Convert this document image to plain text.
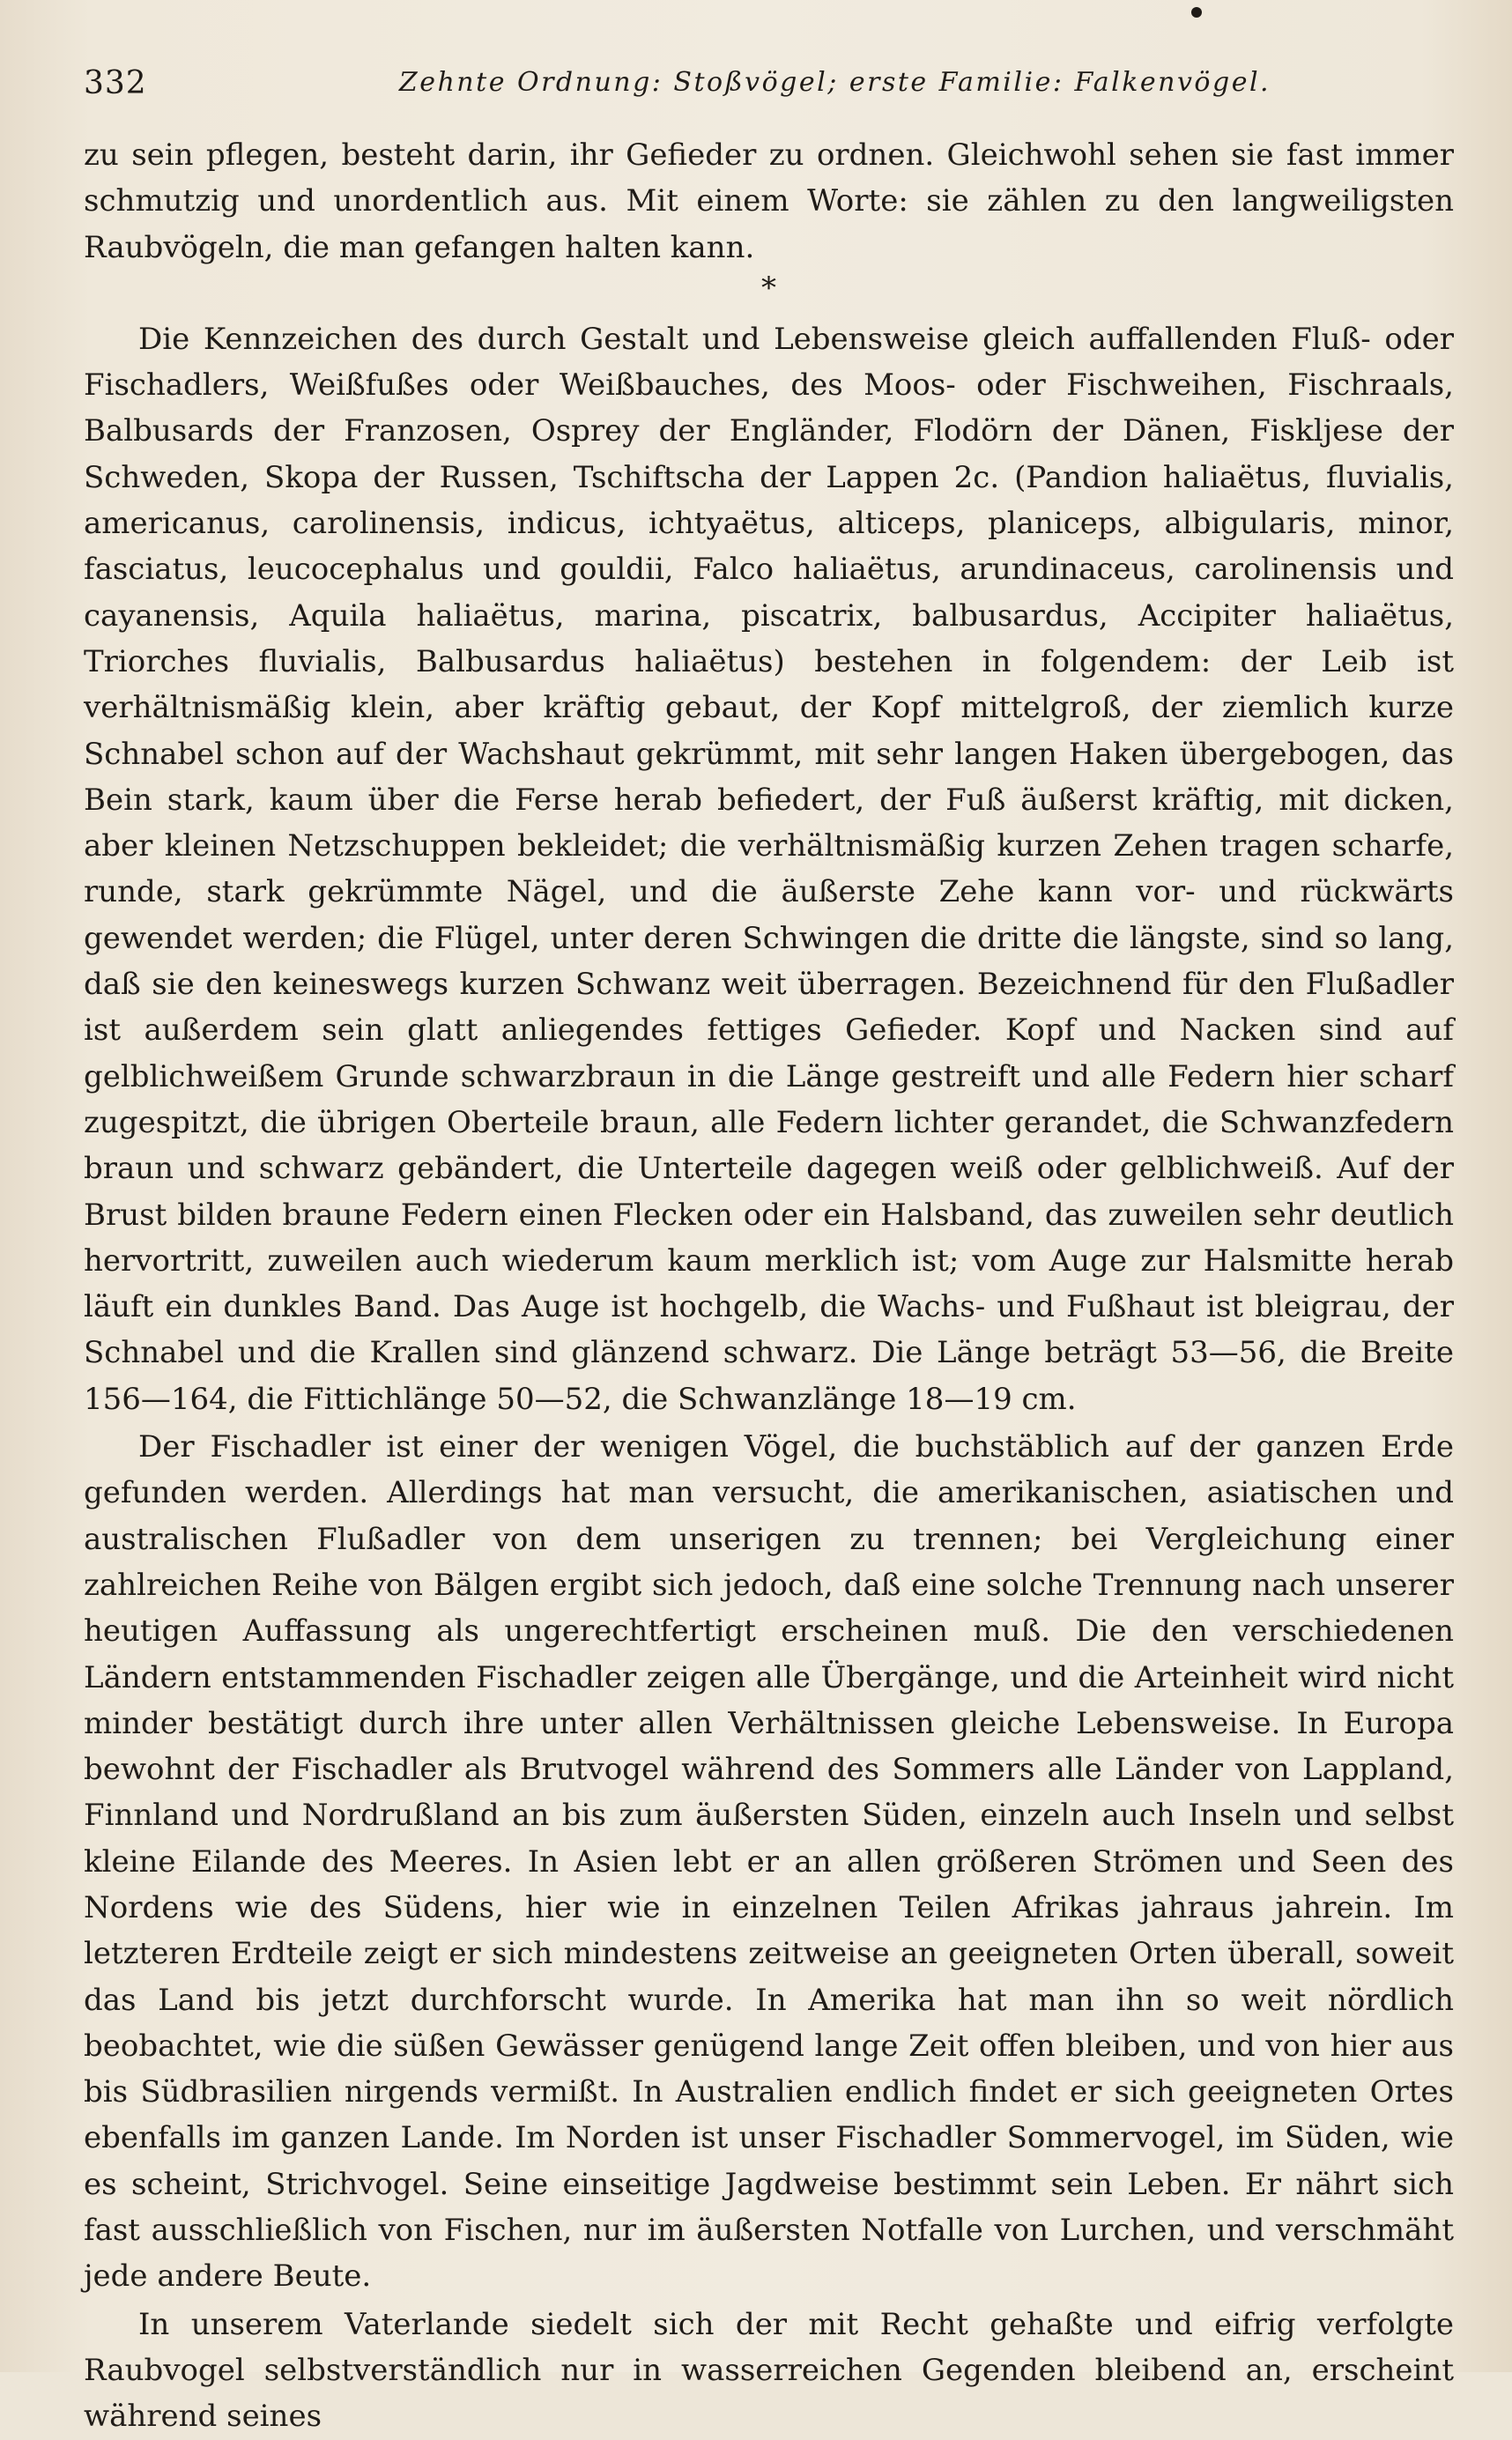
332	Zehnte Ordnung: Stoßvögel; erste Familie: Falkenvögel.

zu sein pflegen, besteht darin, ihr Gefieder zu ordnen. Gleichwohl sehen sie fast immer schmutzig und unordentlich aus. Mit einem Worte: sie zählen zu den langweiligsten Raubvögeln, die man gefangen halten kann.

*

Die Kennzeichen des durch Gestalt und Lebensweise gleich auffallenden Fluß- oder Fischadlers, Weißfußes oder Weißbauches, des Moos- oder Fischweihen, Fischraals, Balbusards der Franzosen, Osprey der Engländer, Flodörn der Dänen, Fiskljese der Schweden, Skopa der Russen, Tschiftscha der Lappen 2c. (Pandion haliaëtus, fluvialis, americanus, carolinensis, indicus, ichtyaëtus, alticeps, planiceps, albigularis, minor, fasciatus, leucocephalus und gouldii, Falco haliaëtus, arundinaceus, carolinensis und cayanensis, Aquila haliaëtus, marina, piscatrix, balbusardus, Accipiter haliaëtus, Triorches fluvialis, Balbusardus haliaëtus) bestehen in folgendem: der Leib ist verhältnismäßig klein, aber kräftig gebaut, der Kopf mittelgroß, der ziemlich kurze Schnabel schon auf der Wachshaut gekrümmt, mit sehr langen Haken übergebogen, das Bein stark, kaum über die Ferse herab befiedert, der Fuß äußerst kräftig, mit dicken, aber kleinen Netzschuppen bekleidet; die verhältnismäßig kurzen Zehen tragen scharfe, runde, stark gekrümmte Nägel, und die äußerste Zehe kann vor- und rückwärts gewendet werden; die Flügel, unter deren Schwingen die dritte die längste, sind so lang, daß sie den keineswegs kurzen Schwanz weit überragen. Bezeichnend für den Flußadler ist außerdem sein glatt anliegendes fettiges Gefieder. Kopf und Nacken sind auf gelblichweißem Grunde schwarzbraun in die Länge gestreift und alle Federn hier scharf zugespitzt, die übrigen Oberteile braun, alle Federn lichter gerandet, die Schwanzfedern braun und schwarz gebändert, die Unterteile dagegen weiß oder gelblichweiß. Auf der Brust bilden braune Federn einen Flecken oder ein Halsband, das zuweilen sehr deutlich hervortritt, zuweilen auch wiederum kaum merklich ist; vom Auge zur Halsmitte herab läuft ein dunkles Band. Das Auge ist hochgelb, die Wachs- und Fußhaut ist bleigrau, der Schnabel und die Krallen sind glänzend schwarz. Die Länge beträgt 53—56, die Breite 156—164, die Fittichlänge 50—52, die Schwanzlänge 18—19 cm.

Der Fischadler ist einer der wenigen Vögel, die buchstäblich auf der ganzen Erde gefunden werden. Allerdings hat man versucht, die amerikanischen, asiatischen und australischen Flußadler von dem unserigen zu trennen; bei Vergleichung einer zahlreichen Reihe von Bälgen ergibt sich jedoch, daß eine solche Trennung nach unserer heutigen Auffassung als ungerechtfertigt erscheinen muß. Die den verschiedenen Ländern entstammenden Fischadler zeigen alle Übergänge, und die Arteinheit wird nicht minder bestätigt durch ihre unter allen Verhältnissen gleiche Lebensweise. In Europa bewohnt der Fischadler als Brutvogel während des Sommers alle Länder von Lappland, Finnland und Nordrußland an bis zum äußersten Süden, einzeln auch Inseln und selbst kleine Eilande des Meeres. In Asien lebt er an allen größeren Strömen und Seen des Nordens wie des Südens, hier wie in einzelnen Teilen Afrikas jahraus jahrein. Im letzteren Erdteile zeigt er sich mindestens zeitweise an geeigneten Orten überall, soweit das Land bis jetzt durchforscht wurde. In Amerika hat man ihn so weit nördlich beobachtet, wie die süßen Gewässer genügend lange Zeit offen bleiben, und von hier aus bis Südbrasilien nirgends vermißt. In Australien endlich findet er sich geeigneten Ortes ebenfalls im ganzen Lande. Im Norden ist unser Fischadler Sommervogel, im Süden, wie es scheint, Strichvogel. Seine einseitige Jagdweise bestimmt sein Leben. Er nährt sich fast ausschließlich von Fischen, nur im äußersten Notfalle von Lurchen, und verschmäht jede andere Beute.

In unserem Vaterlande siedelt sich der mit Recht gehaßte und eifrig verfolgte Raubvogel selbstverständlich nur in wasserreichen Gegenden bleibend an, erscheint während seines
